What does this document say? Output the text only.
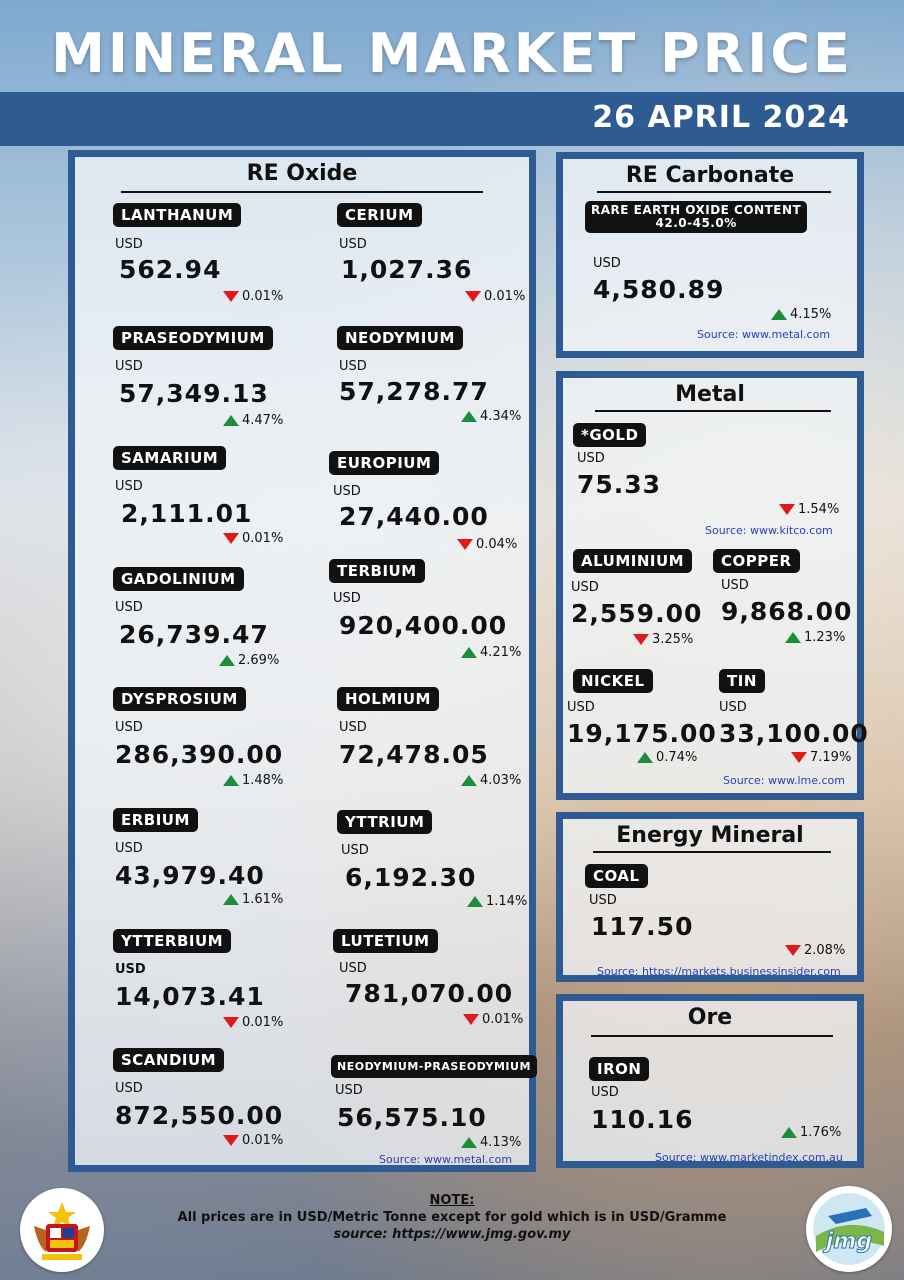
MINERAL MARKET PRICE
26 APRIL 2024
RE Oxide
LANTHANUM
USD
562.94
0.01%
CERIUM
USD
1,027.36
0.01%
PRASEODYMIUM
USD
57,349.13
4.47%
NEODYMIUM
USD
57,278.77
4.34%
SAMARIUM
USD
2,111.01
0.01%
EUROPIUM
USD
27,440.00
0.04%
GADOLINIUM
USD
26,739.47
2.69%
TERBIUM
USD
920,400.00
4.21%
DYSPROSIUM
USD
286,390.00
1.48%
HOLMIUM
USD
72,478.05
4.03%
ERBIUM
USD
43,979.40
1.61%
YTTRIUM
USD
6,192.30
1.14%
YTTERBIUM
USD
14,073.41
0.01%
LUTETIUM
USD
781,070.00
0.01%
SCANDIUM
USD
872,550.00
0.01%
NEODYMIUM-PRASEODYMIUM
USD
56,575.10
4.13%
Source: www.metal.com
RE Carbonate
RARE EARTH OXIDE CONTENT
42.0-45.0%
USD
4,580.89
4.15%
Source: www.metal.com
Metal
*GOLD
USD
75.33
1.54%
Source: www.kitco.com
ALUMINIUM
USD
2,559.00
3.25%
COPPER
USD
9,868.00
1.23%
NICKEL
USD
19,175.00
0.74%
TIN
USD
33,100.00
7.19%
Source: www.lme.com
Energy Mineral
COAL
USD
117.50
2.08%
Source: https://markets.businessinsider.com
Ore
IRON
USD
110.16	1.76%
Source: www.marketindex.com.au
NOTE:
All prices are in USD/Metric Tonne except for gold which is in USD/Gramme
source: https://www.jmg.gov.my	jmg
